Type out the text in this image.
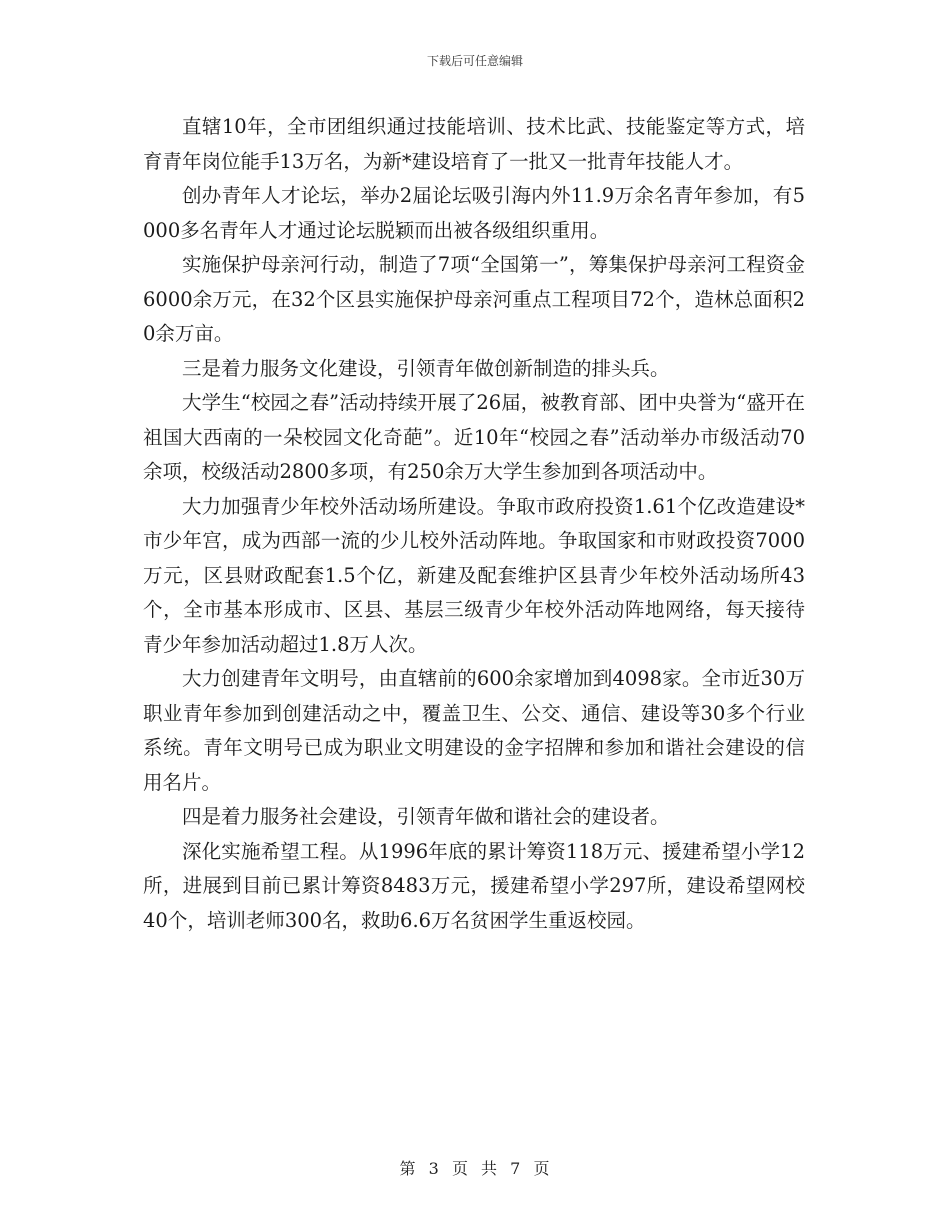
下载后可任意编辑

直辖10年，全市团组织通过技能培训、技术比武、技能鉴定等方式，培育青年岗位能手13万名，为新*建设培育了一批又一批青年技能人才。

创办青年人才论坛，举办2届论坛吸引海内外11.9万余名青年参加，有5000多名青年人才通过论坛脱颖而出被各级组织重用。

实施保护母亲河行动，制造了7项“全国第一”，筹集保护母亲河工程资金6000余万元，在32个区县实施保护母亲河重点工程项目72个，造林总面积20余万亩。

三是着力服务文化建设，引领青年做创新制造的排头兵。

大学生“校园之春”活动持续开展了26届，被教育部、团中央誉为“盛开在祖国大西南的一朵校园文化奇葩”。近10年“校园之春”活动举办市级活动70余项，校级活动2800多项，有250余万大学生参加到各项活动中。

大力加强青少年校外活动场所建设。争取市政府投资1.61个亿改造建设*市少年宫，成为西部一流的少儿校外活动阵地。争取国家和市财政投资7000万元，区县财政配套1.5个亿，新建及配套维护区县青少年校外活动场所43个，全市基本形成市、区县、基层三级青少年校外活动阵地网络，每天接待青少年参加活动超过1.8万人次。

大力创建青年文明号，由直辖前的600余家增加到4098家。全市近30万职业青年参加到创建活动之中，覆盖卫生、公交、通信、建设等30多个行业系统。青年文明号已成为职业文明建设的金字招牌和参加和谐社会建设的信用名片。

四是着力服务社会建设，引领青年做和谐社会的建设者。

深化实施希望工程。从1996年底的累计筹资118万元、援建希望小学12所，进展到目前已累计筹资8483万元，援建希望小学297所，建设希望网校40个，培训老师300名，救助6.6万名贫困学生重返校园。

第 3 页 共 7 页
